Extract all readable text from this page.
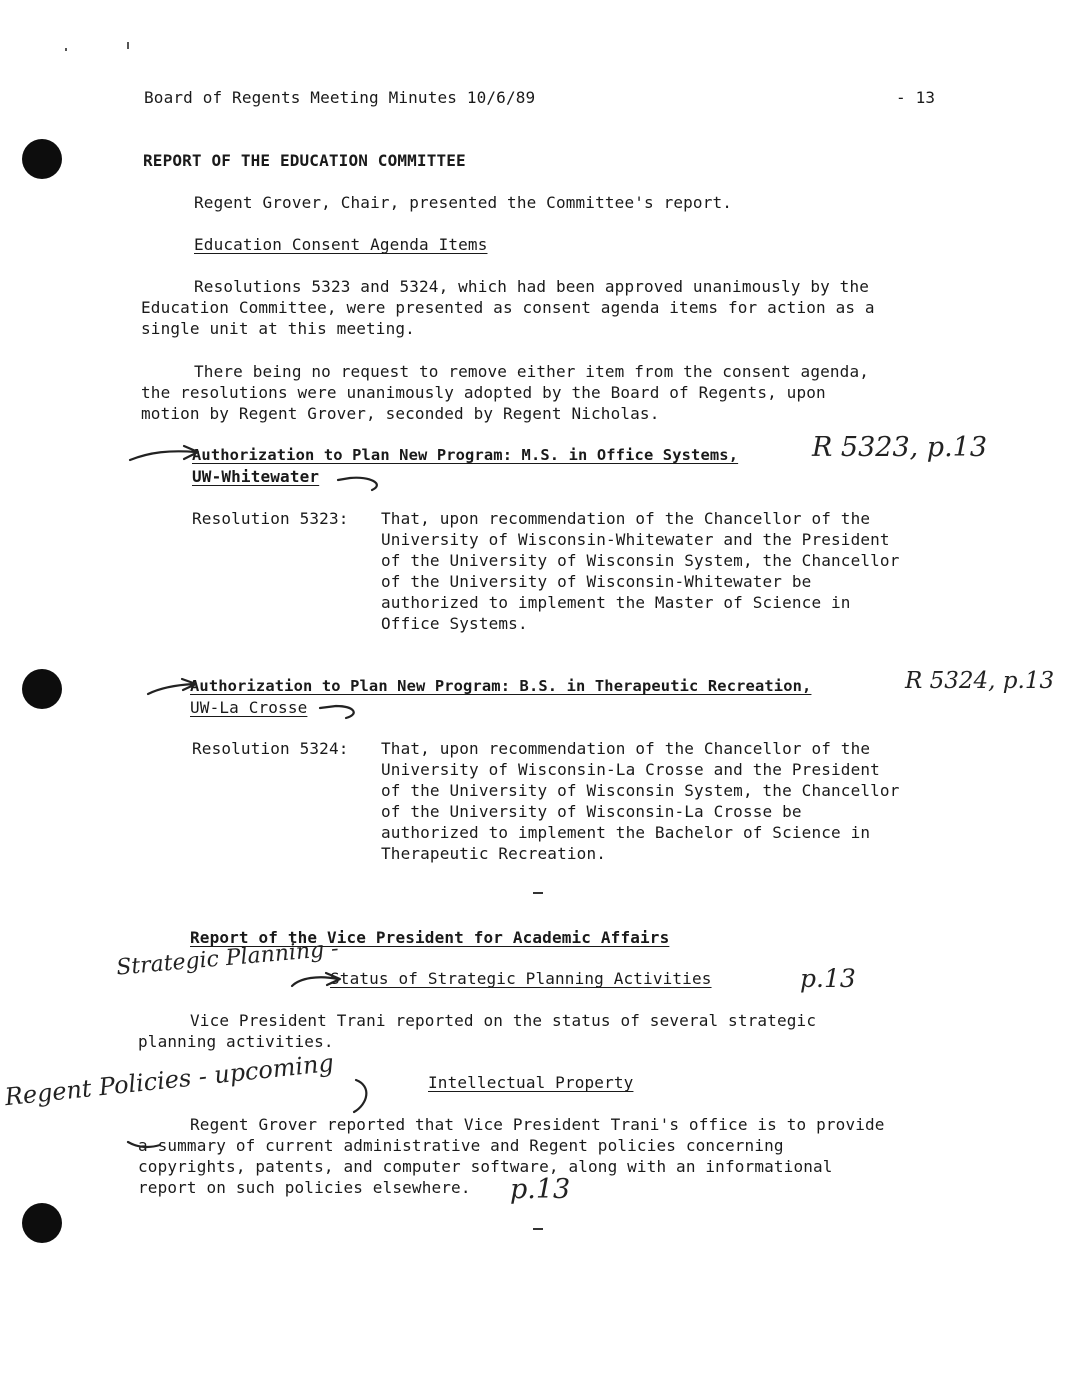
Board of Regents Meeting Minutes 10/6/89	- 13
REPORT OF THE EDUCATION COMMITTEE
Regent Grover, Chair, presented the Committee's report.
Education Consent Agenda Items
Resolutions 5323 and 5324, which had been approved unanimously by the
Education Committee, were presented as consent agenda items for action as a
single unit at this meeting.
There being no request to remove either item from the consent agenda,
the resolutions were unanimously adopted by the Board of Regents, upon
motion by Regent Grover, seconded by Regent Nicholas.
Authorization to Plan New Program: M.S. in Office Systems,
UW-Whitewater
R 5323, p.13
Resolution 5323: That, upon recommendation of the Chancellor of the
University of Wisconsin-Whitewater and the President
of the University of Wisconsin System, the Chancellor
of the University of Wisconsin-Whitewater be
authorized to implement the Master of Science in
Office Systems.
Authorization to Plan New Program: B.S. in Therapeutic Recreation,
UW-La Crosse
R 5324, p.13
Resolution 5324: That, upon recommendation of the Chancellor of the
University of Wisconsin-La Crosse and the President
of the University of Wisconsin System, the Chancellor
of the University of Wisconsin-La Crosse be
authorized to implement the Bachelor of Science in
Therapeutic Recreation.
Report of the Vice President for Academic Affairs
Strategic Planning -
Status of Strategic Planning Activities	p.13
Vice President Trani reported on the status of several strategic
planning activities.
Regent Policies - upcoming	Intellectual Property
Regent Grover reported that Vice President Trani's office is to provide
a summary of current administrative and Regent policies concerning
copyrights, patents, and computer software, along with an informational
report on such policies elsewhere. p.13
